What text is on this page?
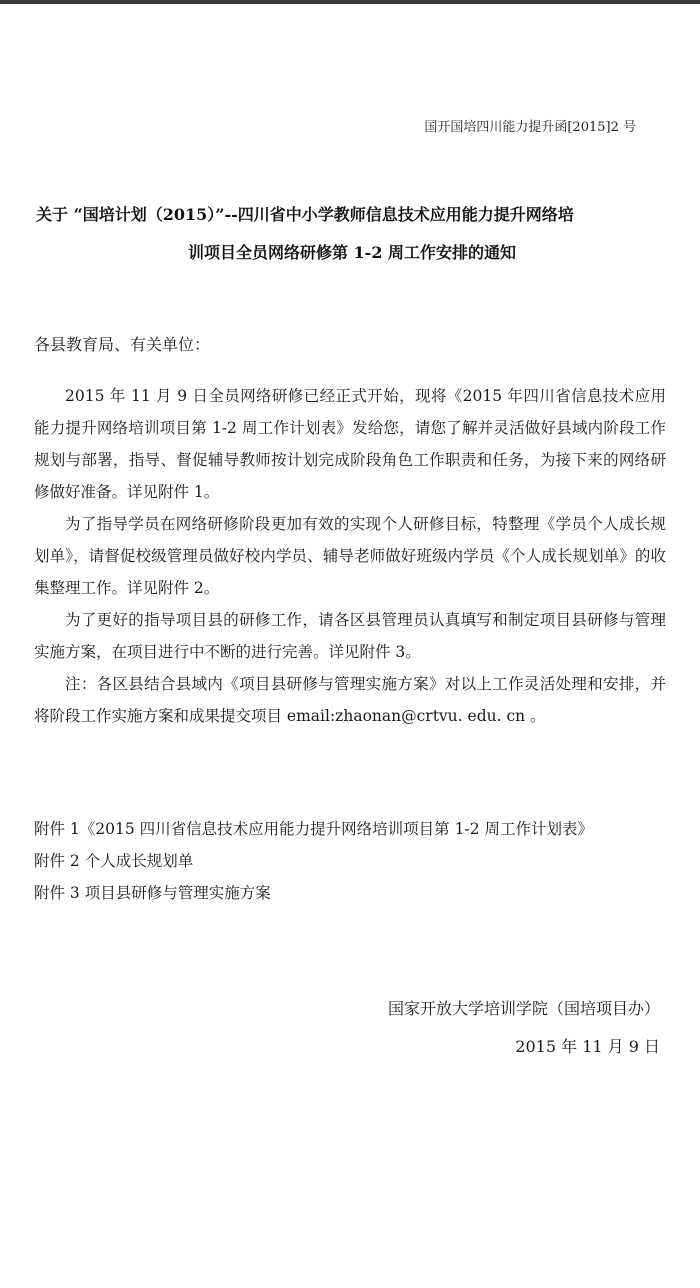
国开国培四川能力提升函[2015]2 号
关于 “国培计划（2015）”--四川省中小学教师信息技术应用能力提升网络培
训项目全员网络研修第 1-2 周工作安排的通知
各县教育局、有关单位：

2015 年 11 月 9 日全员网络研修已经正式开始，现将《2015 年四川省信息技术应用能力提升网络培训项目第 1-2 周工作计划表》发给您，请您了解并灵活做好县域内阶段工作规划与部署，指导、督促辅导教师按计划完成阶段角色工作职责和任务，为接下来的网络研修做好准备。详见附件 1。

为了指导学员在网络研修阶段更加有效的实现个人研修目标，特整理《学员个人成长规划单》，请督促校级管理员做好校内学员、辅导老师做好班级内学员《个人成长规划单》的收集整理工作。详见附件 2。

为了更好的指导项目县的研修工作，请各区县管理员认真填写和制定项目县研修与管理实施方案，在项目进行中不断的进行完善。详见附件 3。

注：各区县结合县域内《项目县研修与管理实施方案》对以上工作灵活处理和安排，并将阶段工作实施方案和成果提交项目 email:zhaonan@crtvu. edu. cn 。

附件 1《2015 四川省信息技术应用能力提升网络培训项目第 1-2 周工作计划表》
附件 2 个人成长规划单
附件 3 项目县研修与管理实施方案
国家开放大学培训学院（国培项目办）
2015 年 11 月 9 日
